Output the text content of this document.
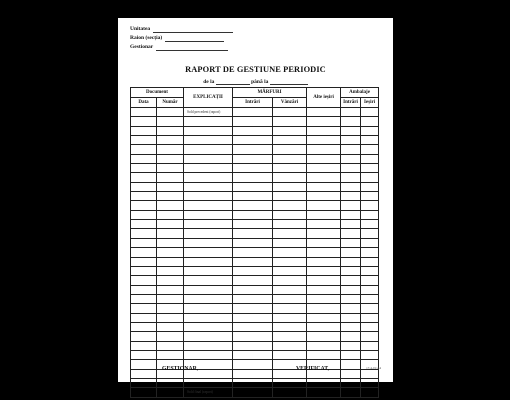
Unitatea
Raion (secția)
Gestionar
RAPORT DE GESTIUNE PERIODIC
de la	până la
Document		EXPLICAȚII	MĂRFURI		Alte ieșiri	Ambalaje	
Data	Număr		Intrări	Vânzări		Intrări	Ieșiri
		Sold precedent (raport)					

		Sold final (raport)					
GESTIONAR,	VERIFICAT,	17-4-01/A4
